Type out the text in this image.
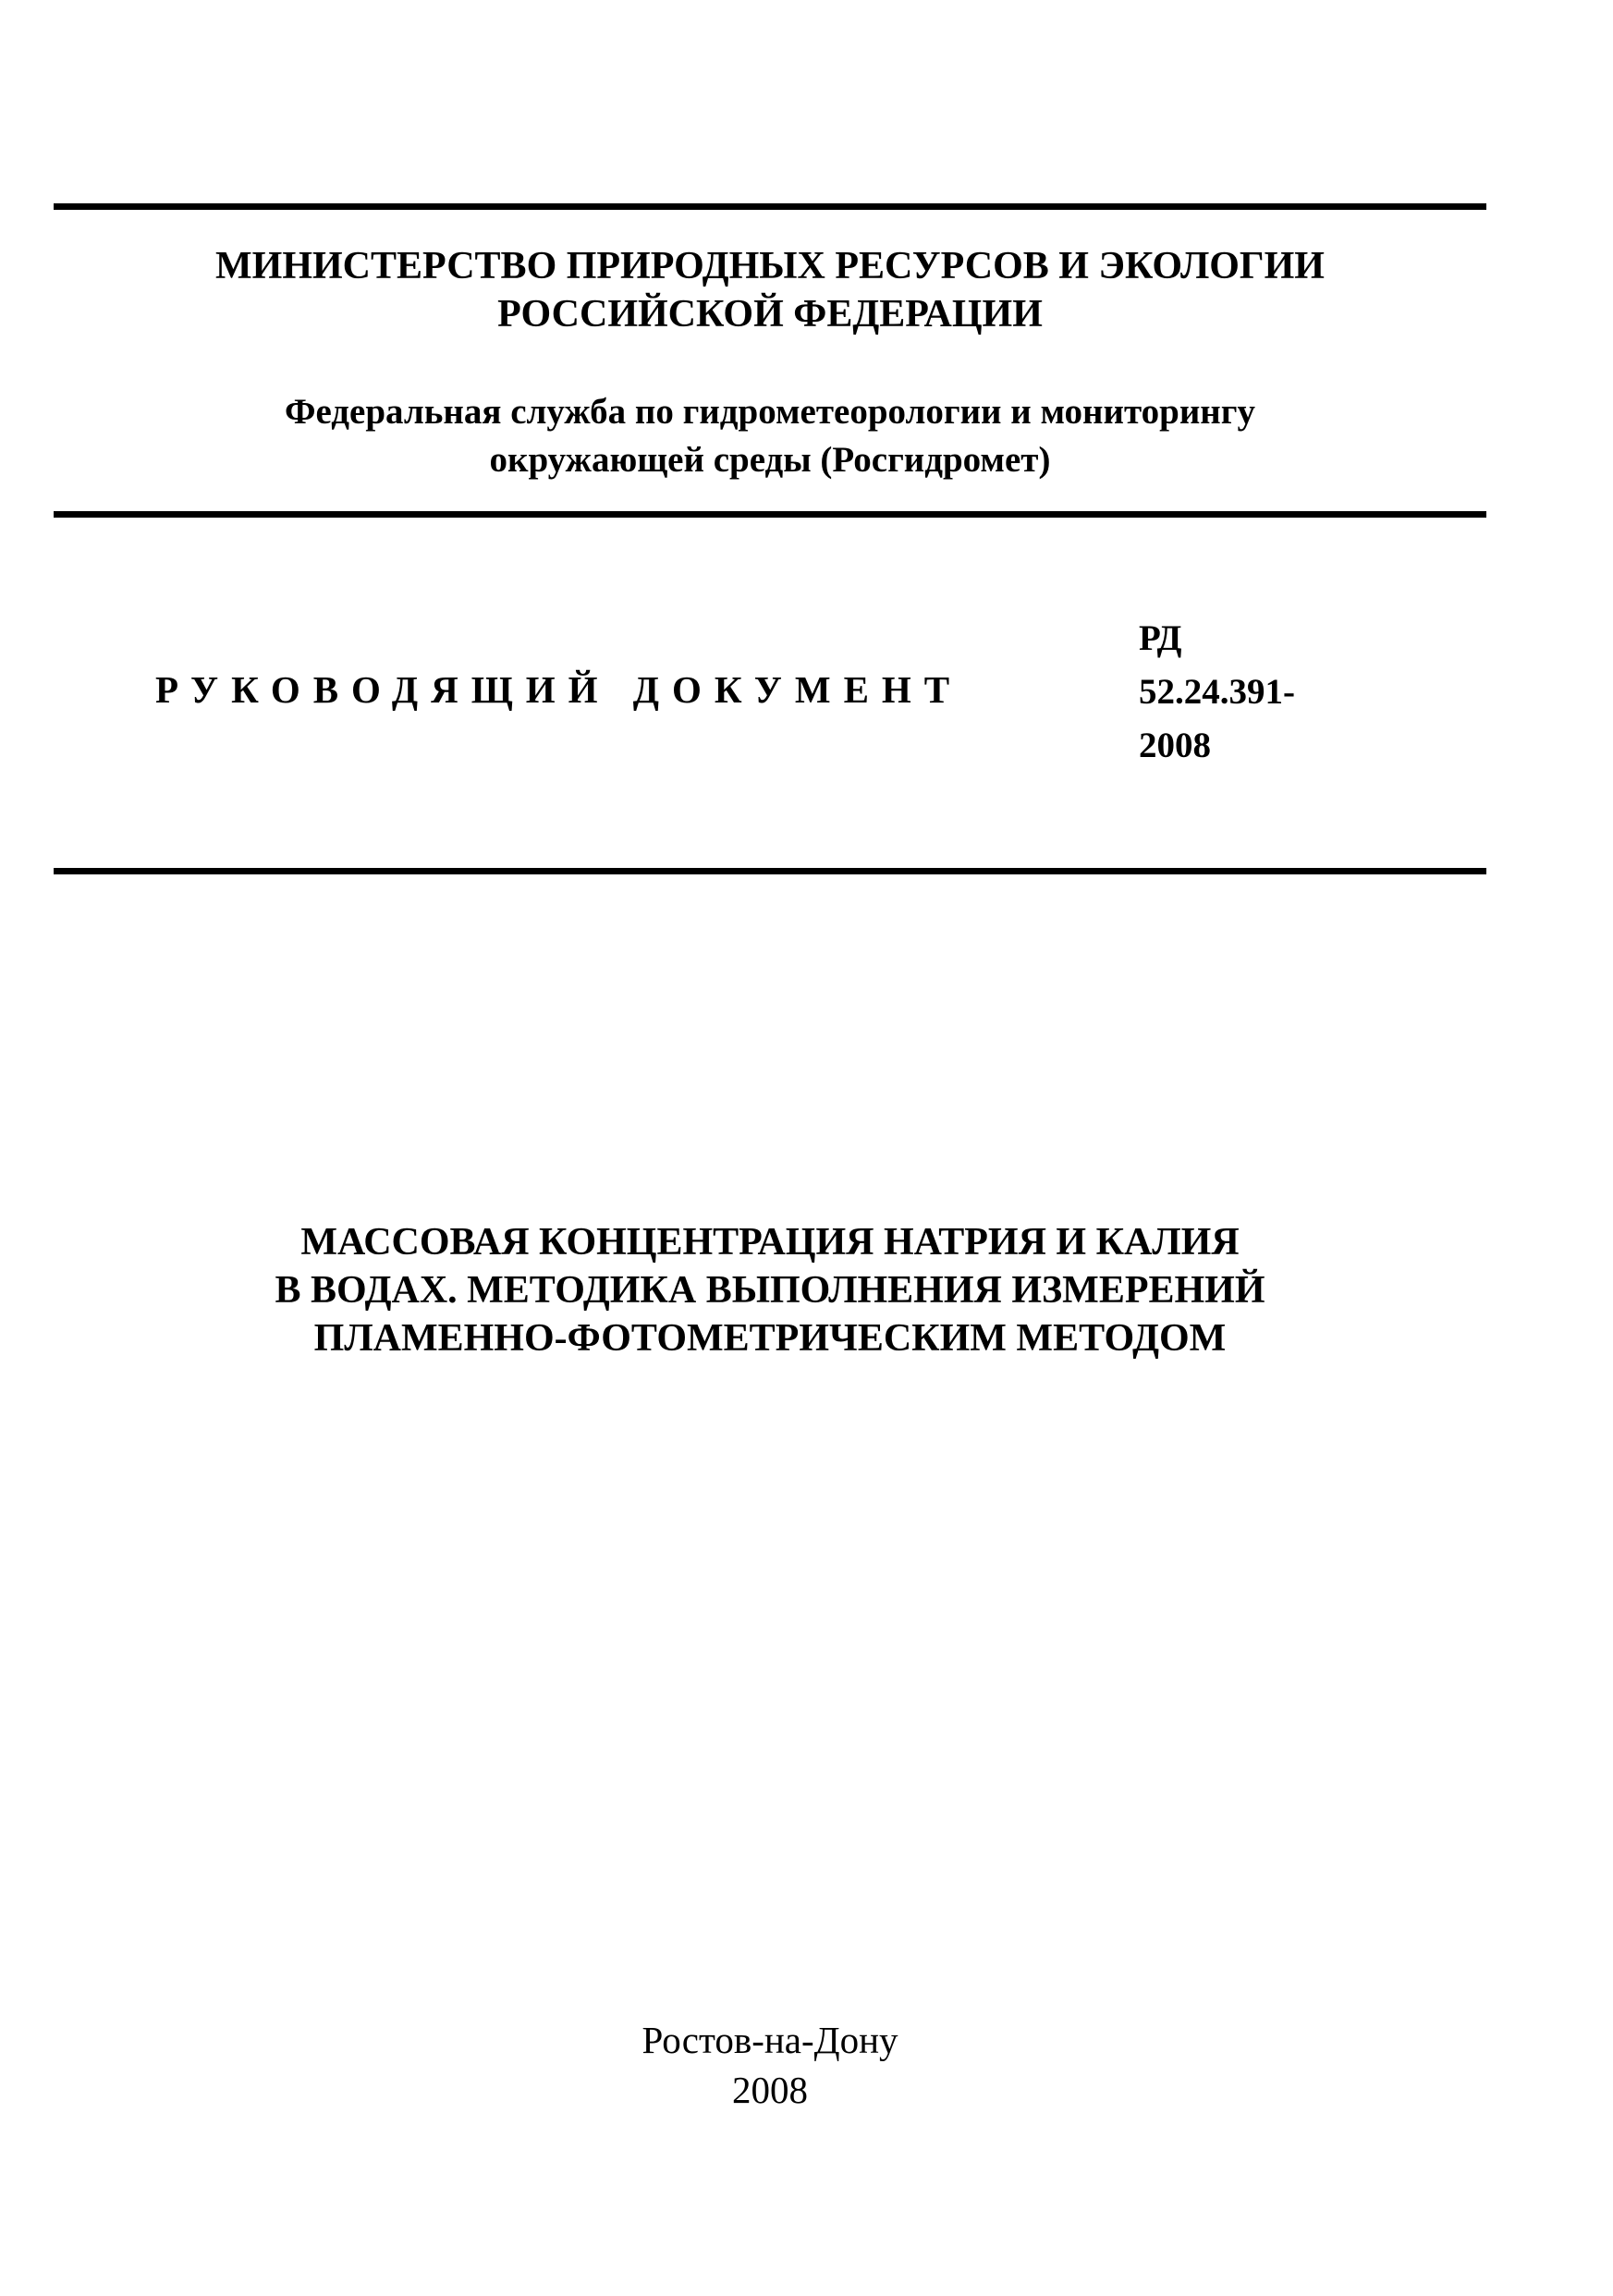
МИНИСТЕРСТВО ПРИРОДНЫХ РЕСУРСОВ И ЭКОЛОГИИ
РОССИЙСКОЙ ФЕДЕРАЦИИ
Федеральная служба по гидрометеорологии и мониторингу
окружающей среды (Росгидромет)

РУКОВОДЯЩИЙ ДОКУМЕНТ

РД
52.24.391-
2008

МАССОВАЯ КОНЦЕНТРАЦИЯ НАТРИЯ И КАЛИЯ
В ВОДАХ. МЕТОДИКА ВЫПОЛНЕНИЯ ИЗМЕРЕНИЙ
ПЛАМЕННО-ФОТОМЕТРИЧЕСКИМ МЕТОДОМ

Ростов-на-Дону
2008
